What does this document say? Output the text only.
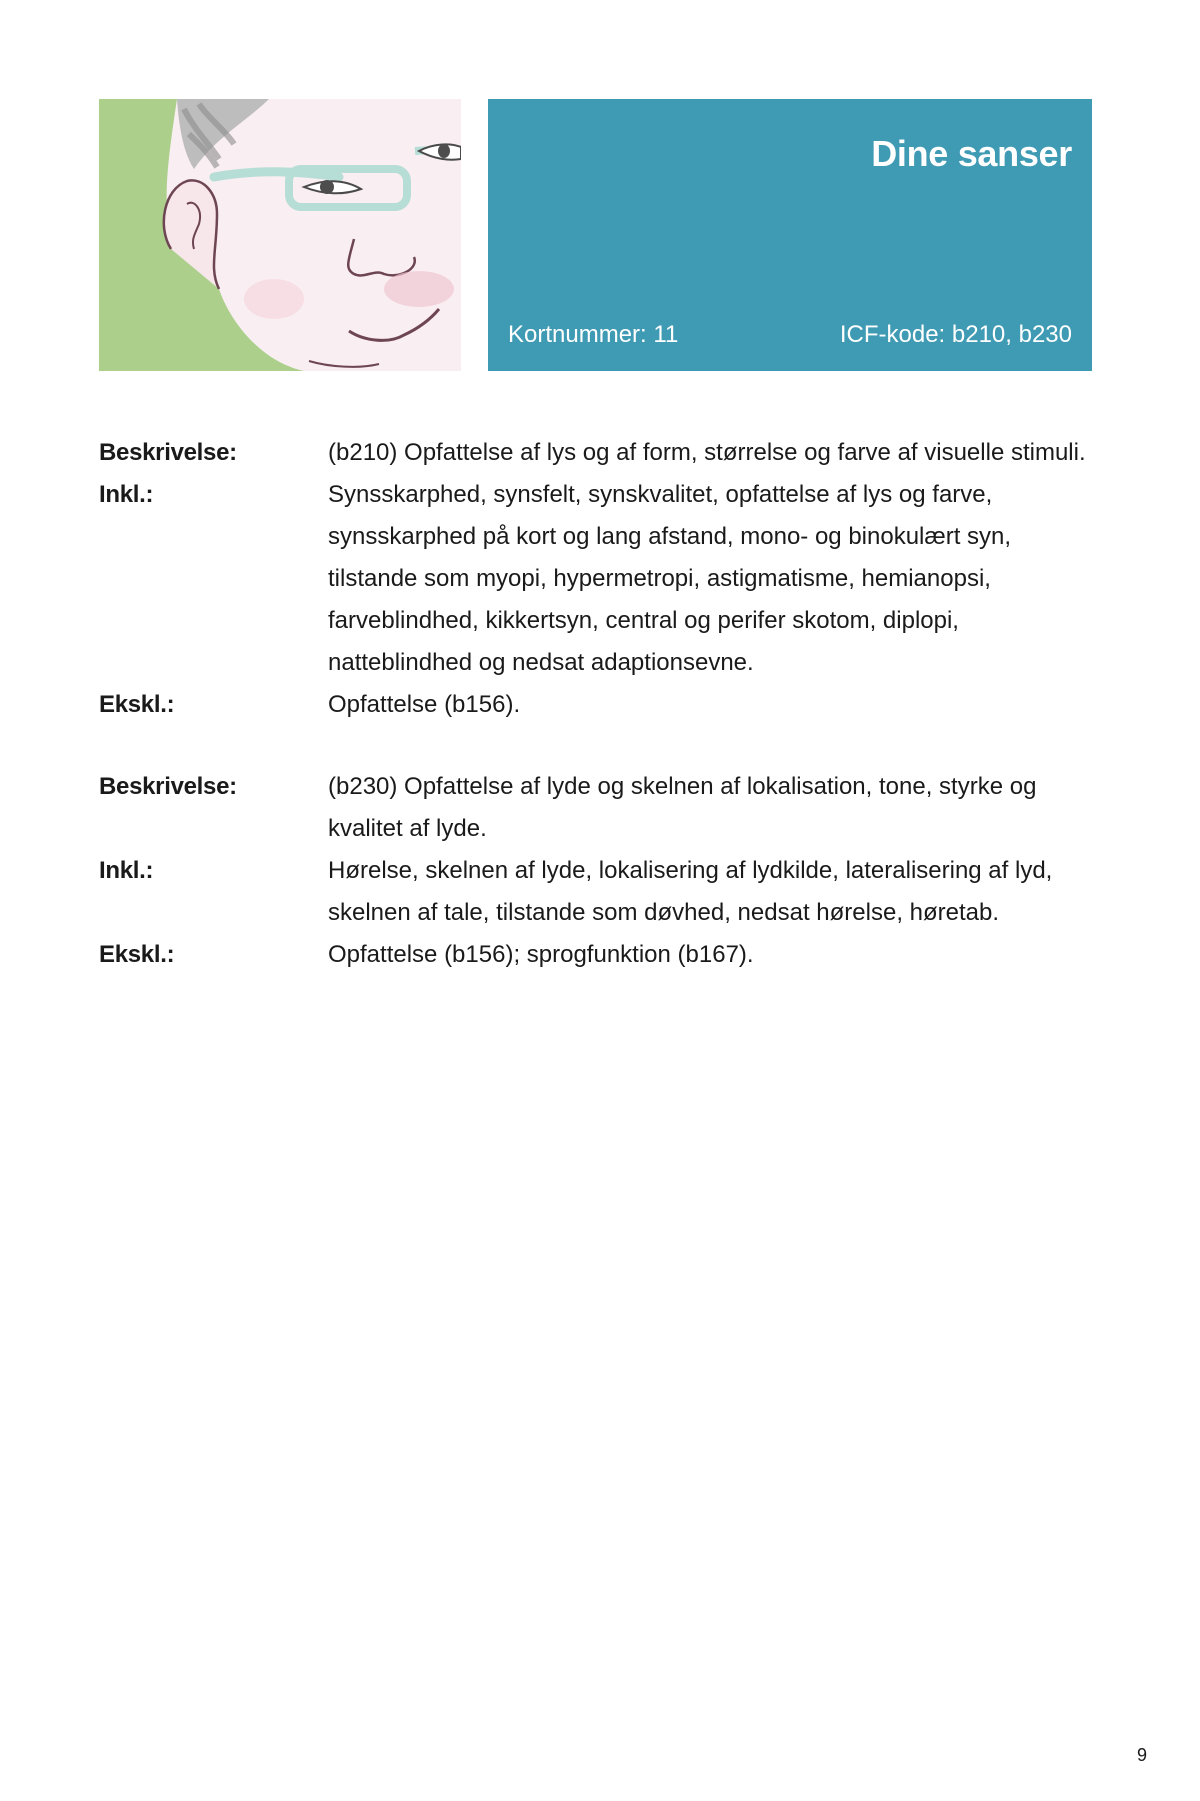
Dine sanser
Kortnummer: 11	ICF-kode: b210, b230
Beskrivelse:	(b210) Opfattelse af lys og af form, størrelse og farve af visuelle stimuli.
Inkl.:	Synsskarphed, synsfelt, synskvalitet, opfattelse af lys og farve, synsskarphed på kort og lang afstand, mono- og binokulært syn, tilstande som myopi, hypermetropi, astigmatisme, hemianopsi, farveblindhed, kikkertsyn, central og perifer skotom, diplopi, natteblindhed og nedsat adaptionsevne.
Ekskl.:	Opfattelse (b156).
Beskrivelse:	(b230) Opfattelse af lyde og skelnen af lokalisation, tone, styrke og kvalitet af lyde.
Inkl.:	Hørelse, skelnen af lyde, lokalisering af lydkilde, lateralisering af lyd, skelnen af tale, tilstande som døvhed, nedsat hørelse, høretab.
Ekskl.:	Opfattelse (b156); sprogfunktion (b167).
9
